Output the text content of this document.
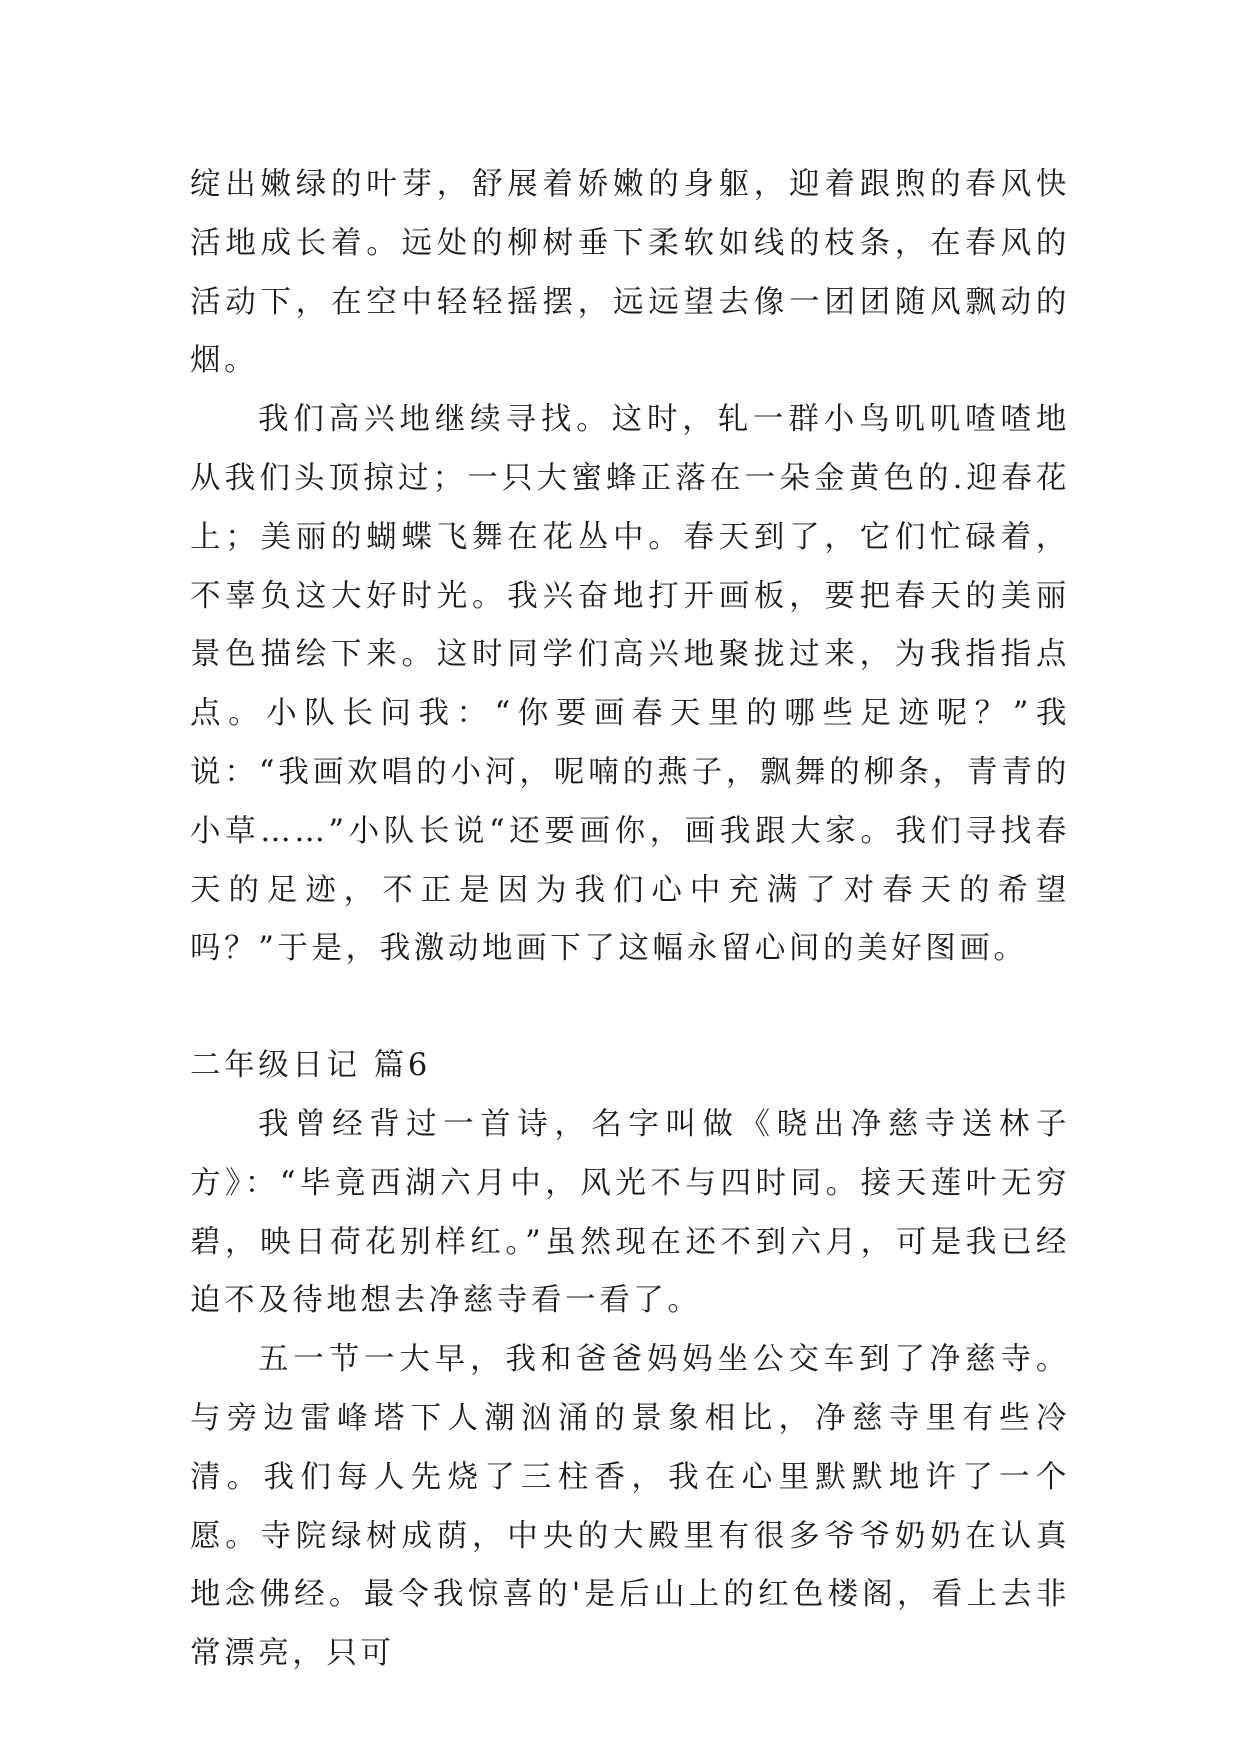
绽出嫩绿的叶芽，舒展着娇嫩的身躯，迎着跟煦的春风快活地成长着。远处的柳树垂下柔软如线的枝条，在春风的活动下，在空中轻轻摇摆，远远望去像一团团随风飘动的烟。

我们高兴地继续寻找。这时，轧一群小鸟叽叽喳喳地从我们头顶掠过；一只大蜜蜂正落在一朵金黄色的.迎春花上；美丽的蝴蝶飞舞在花丛中。春天到了，它们忙碌着，不辜负这大好时光。我兴奋地打开画板，要把春天的美丽景色描绘下来。这时同学们高兴地聚拢过来，为我指指点点。小队长问我：“你要画春天里的哪些足迹呢？”我说：“我画欢唱的小河，呢喃的燕子，飘舞的柳条，青青的小草……”小队长说“还要画你，画我跟大家。我们寻找春天的足迹，不正是因为我们心中充满了对春天的希望吗？”于是，我激动地画下了这幅永留心间的美好图画。

二年级日记 篇6

我曾经背过一首诗，名字叫做《晓出净慈寺送林子方》：“毕竟西湖六月中，风光不与四时同。接天莲叶无穷碧，映日荷花别样红。”虽然现在还不到六月，可是我已经迫不及待地想去净慈寺看一看了。

五一节一大早，我和爸爸妈妈坐公交车到了净慈寺。与旁边雷峰塔下人潮汹涌的景象相比，净慈寺里有些冷清。我们每人先烧了三柱香，我在心里默默地许了一个愿。寺院绿树成荫，中央的大殿里有很多爷爷奶奶在认真地念佛经。最令我惊喜的'是后山上的红色楼阁，看上去非常漂亮，只可
